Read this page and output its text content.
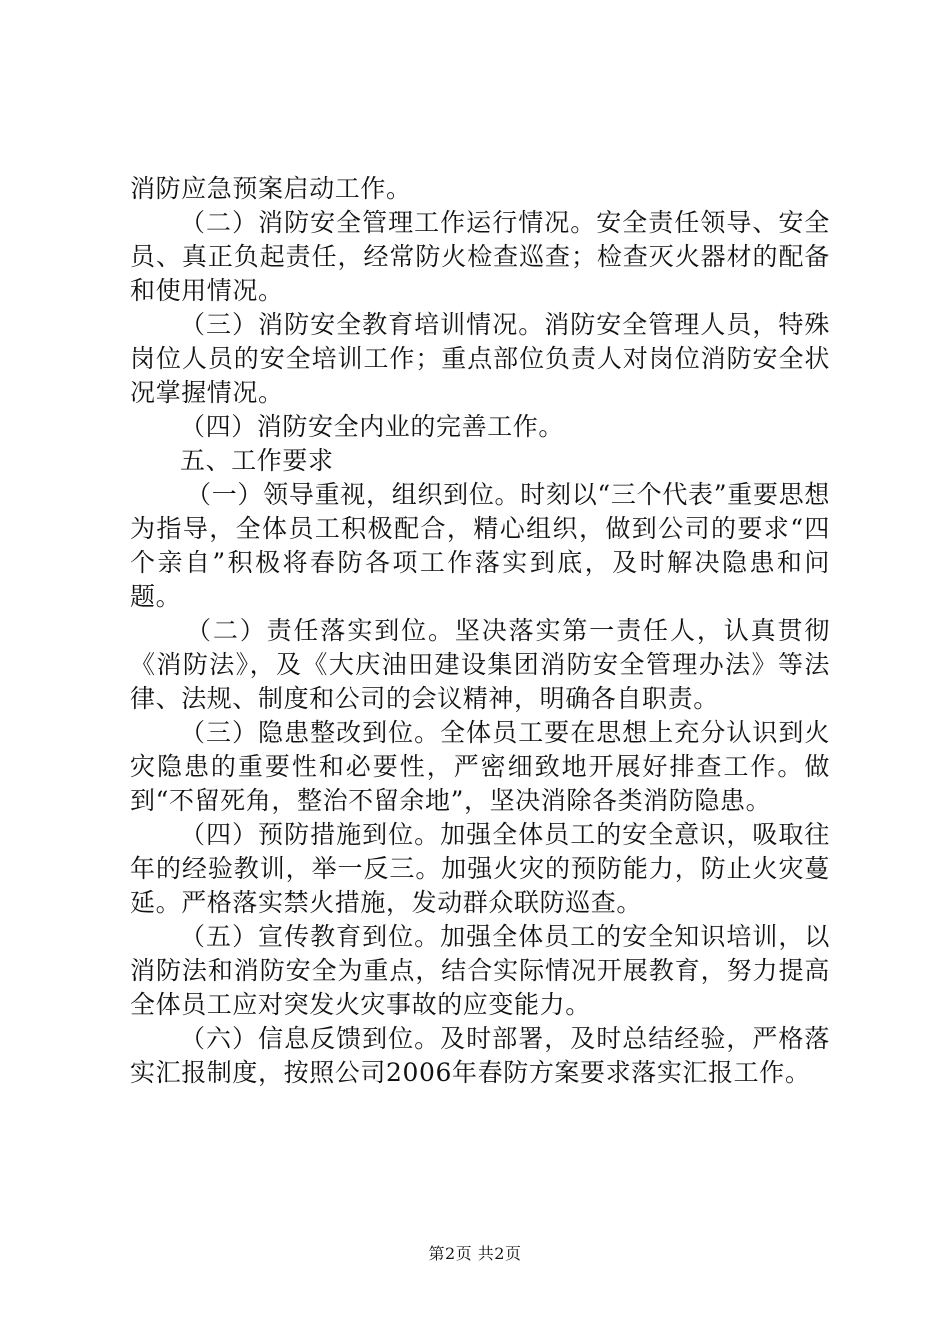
消防应急预案启动工作。

（二）消防安全管理工作运行情况。安全责任领导、安全员、真正负起责任，经常防火检查巡查；检查灭火器材的配备和使用情况。

（三）消防安全教育培训情况。消防安全管理人员，特殊岗位人员的安全培训工作；重点部位负责人对岗位消防安全状况掌握情况。

（四）消防安全内业的完善工作。

五、工作要求

（一）领导重视，组织到位。时刻以“三个代表”重要思想为指导，全体员工积极配合，精心组织，做到公司的要求“四个亲自”积极将春防各项工作落实到底，及时解决隐患和问题。

（二）责任落实到位。坚决落实第一责任人，认真贯彻《消防法》，及《大庆油田建设集团消防安全管理办法》等法律、法规、制度和公司的会议精神，明确各自职责。

（三）隐患整改到位。全体员工要在思想上充分认识到火灾隐患的重要性和必要性，严密细致地开展好排查工作。做到“不留死角，整治不留余地”，坚决消除各类消防隐患。

（四）预防措施到位。加强全体员工的安全意识，吸取往年的经验教训，举一反三。加强火灾的预防能力，防止火灾蔓延。严格落实禁火措施，发动群众联防巡查。

（五）宣传教育到位。加强全体员工的安全知识培训，以消防法和消防安全为重点，结合实际情况开展教育，努力提高全体员工应对突发火灾事故的应变能力。

（六）信息反馈到位。及时部署，及时总结经验，严格落实汇报制度，按照公司2006年春防方案要求落实汇报工作。

第2页 共2页
